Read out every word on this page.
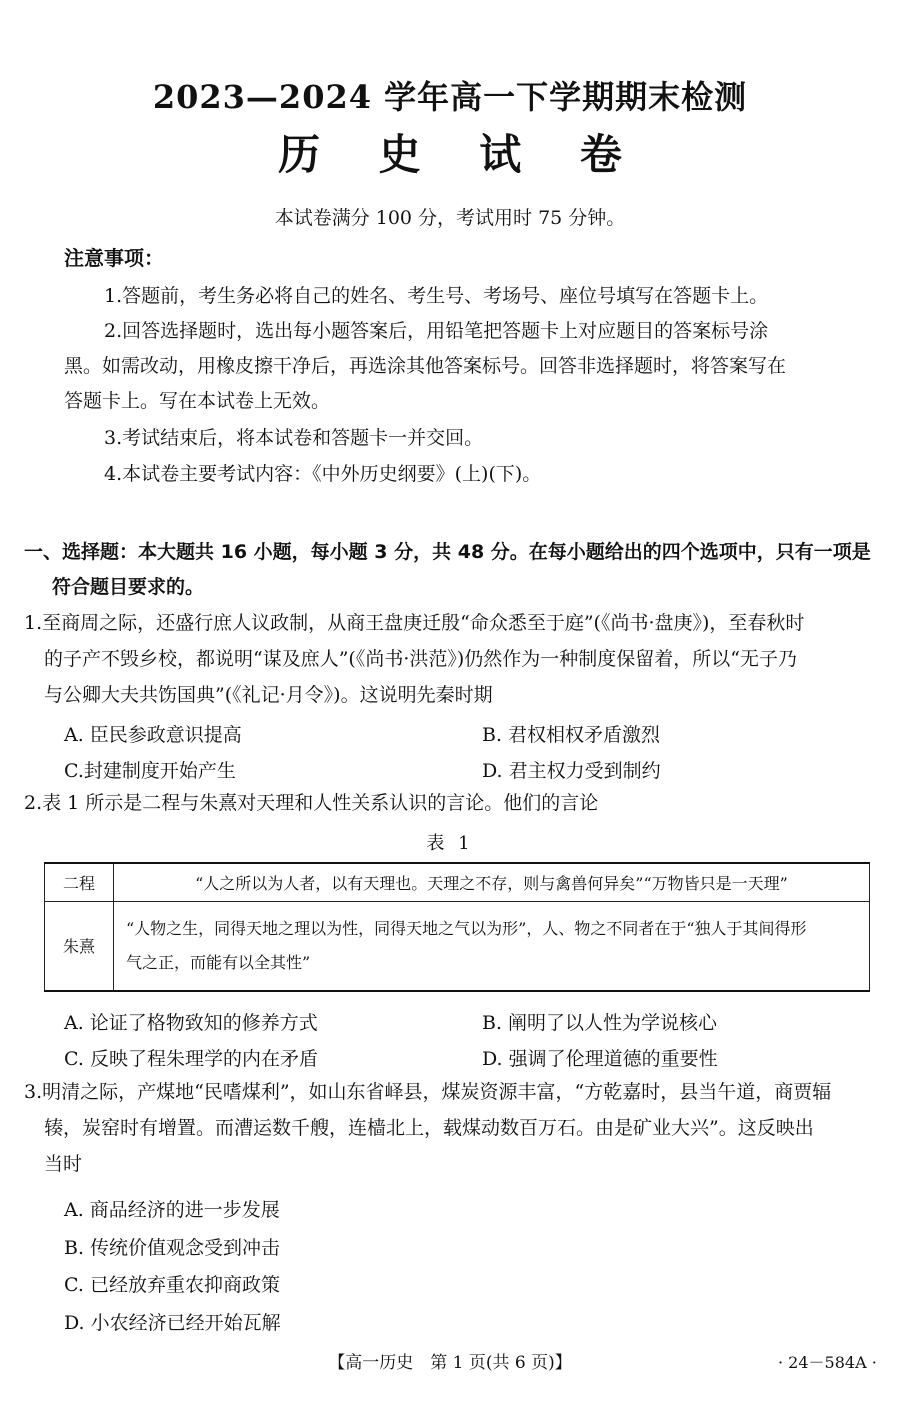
2023—2024 学年高一下学期期末检测
历 史 试 卷
本试卷满分 100 分，考试用时 75 分钟。
注意事项：
1.答题前，考生务必将自己的姓名、考生号、考场号、座位号填写在答题卡上。
2.回答选择题时，选出每小题答案后，用铅笔把答题卡上对应题目的答案标号涂
黑。如需改动，用橡皮擦干净后，再选涂其他答案标号。回答非选择题时，将答案写在
答题卡上。写在本试卷上无效。
3.考试结束后，将本试卷和答题卡一并交回。
4.本试卷主要考试内容：《中外历史纲要》(上)(下)。
一、选择题：本大题共 16 小题，每小题 3 分，共 48 分。在每小题给出的四个选项中，只有一项是
符合题目要求的。
1.至商周之际，还盛行庶人议政制，从商王盘庚迁殷“命众悉至于庭”(《尚书·盘庚》)，至春秋时
的子产不毁乡校，都说明“谋及庶人”(《尚书·洪范》)仍然作为一种制度保留着，所以“无子乃
与公卿大夫共饬国典”(《礼记·月令》)。这说明先秦时期
A. 臣民参政意识提高	B. 君权相权矛盾激烈
C.封建制度开始产生	D. 君主权力受到制约
2.表 1 所示是二程与朱熹对天理和人性关系认识的言论。他们的言论
表 1
二程	“人之所以为人者，以有天理也。天理之不存，则与禽兽何异矣”“万物皆只是一天理”
朱熹	“人物之生，同得天地之理以为性，同得天地之气以为形”，人、物之不同者在于“独人于其间得形
气之正，而能有以全其性”
A. 论证了格物致知的修养方式	B. 阐明了以人性为学说核心
C. 反映了程朱理学的内在矛盾	D. 强调了伦理道德的重要性
3.明清之际，产煤地“民嗜煤利”，如山东省峄县，煤炭资源丰富，“方乾嘉时，县当午道，商贾辐
辏，炭窑时有增置。而漕运数千艘，连樯北上，载煤动数百万石。由是矿业大兴”。这反映出
当时
A. 商品经济的进一步发展
B. 传统价值观念受到冲击
C. 已经放弃重农抑商政策
D. 小农经济已经开始瓦解
【高一历史　第 1 页(共 6 页)】	· 24－584A ·
